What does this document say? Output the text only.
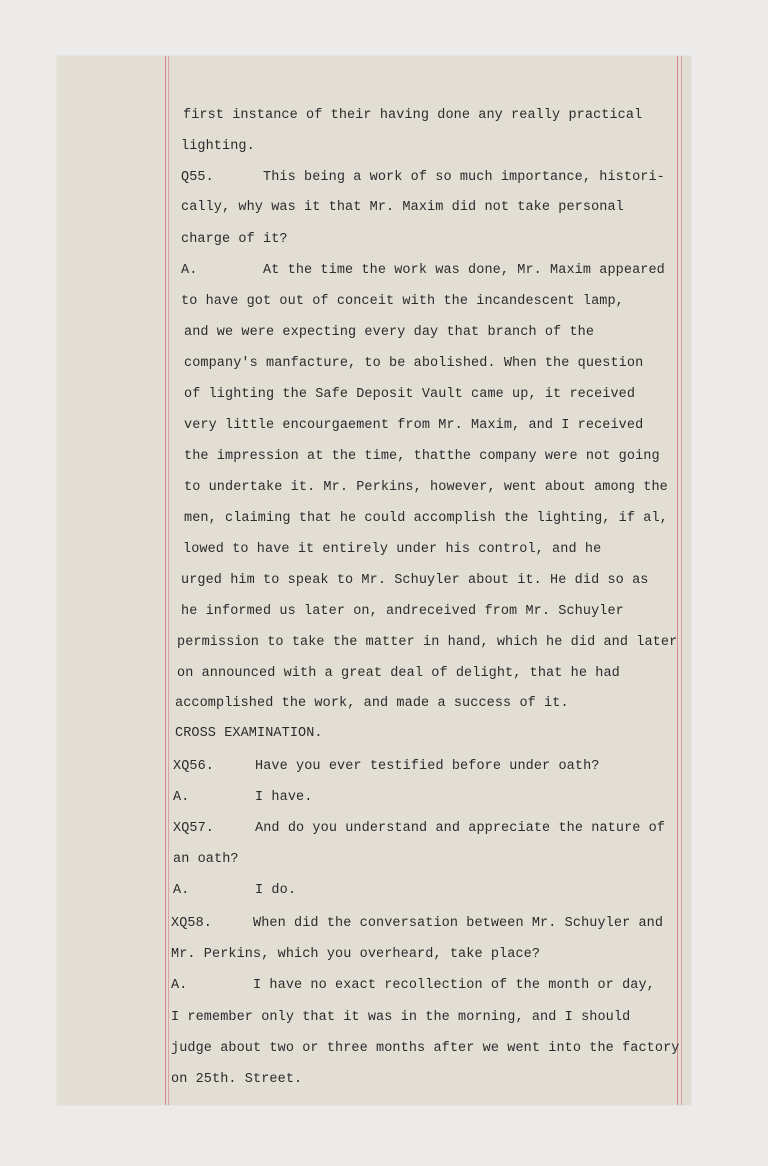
first instance of their having done any really practical
lighting.
Q55.      This being a work of so much importance, histori-
cally, why was it that Mr. Maxim did not take personal
charge of it?
A.        At the time the work was done, Mr. Maxim appeared
to have got out of conceit with the incandescent lamp,
and we were expecting every day that branch of the
company's manfacture, to be abolished. When the question
of lighting the Safe Deposit Vault came up, it received
very little encourgaement from Mr. Maxim, and I received
the impression at the time, thatthe company were not going
to undertake it. Mr. Perkins, however, went about among the
men, claiming that he could accomplish the lighting, if al,
lowed to have it entirely under his control, and he
urged him to speak to Mr. Schuyler about it. He did so as
he informed us later on, andreceived from Mr. Schuyler
permission to take the matter in hand, which he did and later
on announced with a great deal of delight, that he had
accomplished the work, and made a success of it.
CROSS EXAMINATION.
XQ56.     Have you ever testified before under oath?
A.        I have.
XQ57.     And do you understand and appreciate the nature of
an oath?
A.        I do.
XQ58.     When did the conversation between Mr. Schuyler and
Mr. Perkins, which you overheard, take place?
A.        I have no exact recollection of the month or day,
I remember only that it was in the morning, and I should
judge about two or three months after we went into the factory
on 25th. Street.
